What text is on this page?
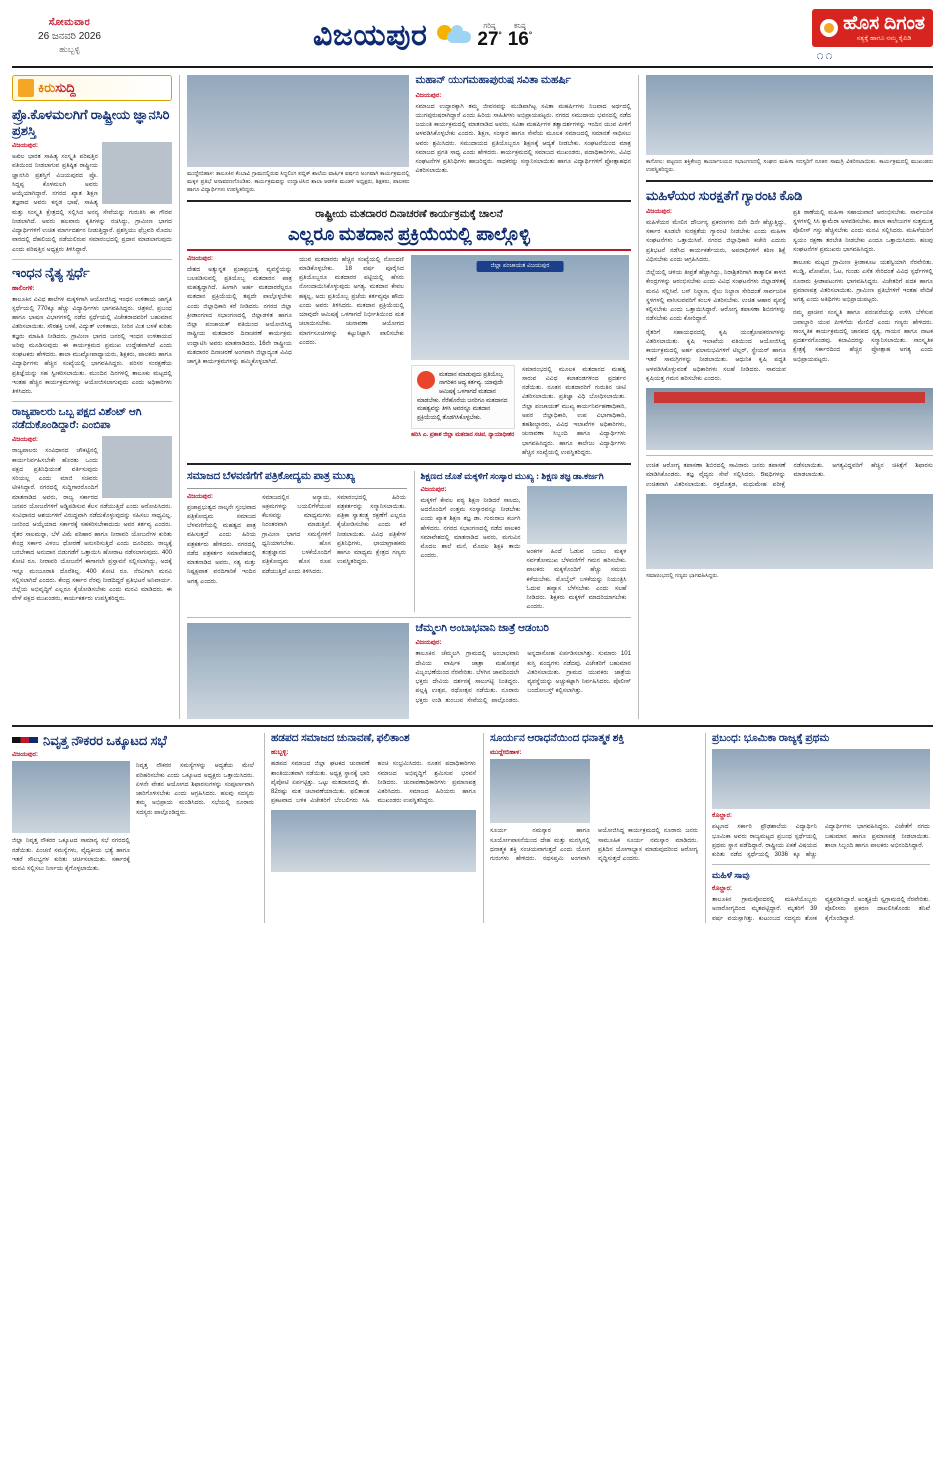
ಸೋಮವಾರ
26 ಜನವರಿ 2026
ಹುಬ್ಬಳ್ಳಿ	ವಿಜಯಪುರ	ಗರಿಷ್ಠ
27°
ಕನಿಷ್ಠ
16°
ಹೊಸ ದಿಗಂತ
ಸತ್ಯಕ್ಕೆ ಹಾಗೂ ನಮ್ಮ ಕೈಪಿಡಿ
೧೧
ಕಿರುಸುದ್ದಿ
ಪ್ರೊ.ಕೊಳಮಲಗಿಗೆ ರಾಷ್ಟ್ರೀಯ ಜ್ಞಾನಸಿರಿ ಪ್ರಶಸ್ತಿ
ವಿಜಯಪುರ:
ಅಖಿಲ ಭಾರತ ಸಾಹಿತ್ಯ ಸಂಸ್ಕೃತಿ ಪರಿಷತ್ತಿನ ವತಿಯಿಂದ ನೀಡಲಾಗುವ ಪ್ರತಿಷ್ಠಿತ ರಾಷ್ಟ್ರೀಯ ಜ್ಞಾನಸಿರಿ ಪ್ರಶಸ್ತಿಗೆ ವಿಜಯಪುರದ ಪ್ರೊ. ಸಿದ್ದಪ್ಪ ಕೊಳಮಲಗಿ ಅವರು ಆಯ್ಕೆಯಾಗಿದ್ದಾರೆ. ನಗರದ ಖ್ಯಾತ ಶಿಕ್ಷಣ ತಜ್ಞರಾದ ಅವರು ಕನ್ನಡ ಭಾಷೆ, ಸಾಹಿತ್ಯ ಮತ್ತು ಸಂಸ್ಕೃತಿ ಕ್ಷೇತ್ರದಲ್ಲಿ ಸಲ್ಲಿಸಿದ ಅನನ್ಯ ಸೇವೆಯನ್ನು ಗುರುತಿಸಿ ಈ ಗೌರವ ನೀಡಲಾಗಿದೆ. ಅವರು ಹಲವಾರು ಕೃತಿಗಳನ್ನು ರಚಿಸಿದ್ದು, ಗ್ರಾಮೀಣ ಭಾಗದ ವಿದ್ಯಾರ್ಥಿಗಳಿಗೆ ಉಚಿತ ಮಾರ್ಗದರ್ಶನ ನೀಡುತ್ತಿದ್ದಾರೆ. ಪ್ರಶಸ್ತಿಯು ಫೆಬ್ರವರಿ ಮೊದಲ ವಾರದಲ್ಲಿ ದೆಹಲಿಯಲ್ಲಿ ನಡೆಯಲಿರುವ ಸಮಾರಂಭದಲ್ಲಿ ಪ್ರದಾನ ಮಾಡಲಾಗುವುದು ಎಂದು ಪರಿಷತ್ತಿನ ಅಧ್ಯಕ್ಷರು ತಿಳಿಸಿದ್ದಾರೆ.
ಇಂಧನ ನೈತ್ಯ ಸ್ಪರ್ಧೆ
ಹಾಲಿಂಗಳಿ:
ತಾಲೂಕಿನ ವಿವಿಧ ಶಾಲೆಗಳ ಮಕ್ಕಳಿಗಾಗಿ ಆಯೋಜಿಸಿದ್ದ ಇಂಧನ ಉಳಿತಾಯ ಜಾಗೃತಿ ಸ್ಪರ್ಧೆಯಲ್ಲಿ 770ಕ್ಕೂ ಹೆಚ್ಚು ವಿದ್ಯಾರ್ಥಿಗಳು ಭಾಗವಹಿಸಿದ್ದರು. ಚಿತ್ರಕಲೆ, ಪ್ರಬಂಧ ಹಾಗೂ ಭಾಷಣ ವಿಭಾಗಗಳಲ್ಲಿ ನಡೆದ ಸ್ಪರ್ಧೆಯಲ್ಲಿ ವಿಜೇತರಾದವರಿಗೆ ಬಹುಮಾನ ವಿತರಿಸಲಾಯಿತು. ಸೌರಶಕ್ತಿ ಬಳಕೆ, ವಿದ್ಯುತ್ ಉಳಿತಾಯ, ನೀರಿನ ಮಿತ ಬಳಕೆ ಕುರಿತು ತಜ್ಞರು ಮಾಹಿತಿ ನೀಡಿದರು. ಗ್ರಾಮೀಣ ಭಾಗದ ಜನರಲ್ಲಿ ಇಂಧನ ಉಳಿತಾಯದ ಅರಿವು ಮೂಡಿಸುವುದು ಈ ಕಾರ್ಯಕ್ರಮದ ಪ್ರಮುಖ ಉದ್ದೇಶವಾಗಿದೆ ಎಂದು ಸಂಘಟಕರು ಹೇಳಿದರು. ಶಾಲಾ ಮುಖ್ಯೋಪಾಧ್ಯಾಯರು, ಶಿಕ್ಷಕರು, ಪಾಲಕರು ಹಾಗೂ ವಿದ್ಯಾರ್ಥಿಗಳು ಹೆಚ್ಚಿನ ಸಂಖ್ಯೆಯಲ್ಲಿ ಭಾಗವಹಿಸಿದ್ದರು. ಪರಿಸರ ಸಂರಕ್ಷಣೆಯ ಪ್ರತಿಜ್ಞೆಯನ್ನು ಸಹ ಸ್ವೀಕರಿಸಲಾಯಿತು. ಮುಂದಿನ ದಿನಗಳಲ್ಲಿ ತಾಲೂಕು ಮಟ್ಟದಲ್ಲಿ ಇಂತಹ ಹೆಚ್ಚಿನ ಕಾರ್ಯಕ್ರಮಗಳನ್ನು ಆಯೋಜಿಸಲಾಗುವುದು ಎಂದು ಅಧಿಕಾರಿಗಳು ತಿಳಿಸಿದರು.
ರಾಜ್ಯಪಾಲರು ಒಬ್ಬ ಪಕ್ಷದ ವಿಶೆಂಟ್ ಆಗಿ ನಡೆದುಕೊಂಡಿದ್ದಾರೆ: ಎಂಬಿಪಾ
ವಿಜಯಪುರ:
ರಾಜ್ಯಪಾಲರು ಸಂವಿಧಾನದ ಚೌಕಟ್ಟಿನಲ್ಲಿ ಕಾರ್ಯನಿರ್ವಹಿಸಬೇಕೇ ಹೊರತು ಒಂದು ಪಕ್ಷದ ಪ್ರತಿನಿಧಿಯಂತೆ ವರ್ತಿಸುವುದು ಸರಿಯಲ್ಲ ಎಂದು ಮಾಜಿ ಸಚಿವರು ಟೀಕಿಸಿದ್ದಾರೆ. ನಗರದಲ್ಲಿ ಸುದ್ದಿಗಾರರೊಂದಿಗೆ ಮಾತನಾಡಿದ ಅವರು, ರಾಜ್ಯ ಸರ್ಕಾರದ ಜನಪರ ಯೋಜನೆಗಳಿಗೆ ಅಡ್ಡಿಪಡಿಸುವ ಕೆಲಸ ನಡೆಯುತ್ತಿದೆ ಎಂದು ಆರೋಪಿಸಿದರು. ಸಂವಿಧಾನದ ಆಶಯಗಳಿಗೆ ವಿರುದ್ಧವಾಗಿ ನಡೆದುಕೊಳ್ಳುವುದನ್ನು ಸಹಿಸಲು ಸಾಧ್ಯವಿಲ್ಲ. ಜನರಿಂದ ಆಯ್ಕೆಯಾದ ಸರ್ಕಾರಕ್ಕೆ ಸಹಕರಿಸಬೇಕಾದುದು ಅವರ ಕರ್ತವ್ಯ ಎಂದರು. ರೈತರ ಸಾಲಮನ್ನಾ, ಬೆಳೆ ವಿಮೆ ಪರಿಹಾರ ಹಾಗೂ ನೀರಾವರಿ ಯೋಜನೆಗಳ ಕುರಿತು ಕೇಂದ್ರ ಸರ್ಕಾರ ವಿಳಂಬ ಧೋರಣೆ ಅನುಸರಿಸುತ್ತಿದೆ ಎಂದು ದೂರಿದರು. ರಾಜ್ಯಕ್ಕೆ ಬರಬೇಕಾದ ಅನುದಾನ ಬಿಡುಗಡೆಗೆ ಒತ್ತಾಯಿಸಿ ಹೋರಾಟ ನಡೆಸಲಾಗುವುದು. 400 ಕೋಟಿ ರೂ. ನೀರಾವರಿ ಯೋಜನೆಗೆ ಈಗಾಗಲೇ ಪ್ರಸ್ತಾವನೆ ಸಲ್ಲಿಸಲಾಗಿದ್ದು, ಅದಕ್ಕೆ ಇನ್ನೂ ಮಂಜೂರಾತಿ ದೊರೆತಿಲ್ಲ. 400 ಕೋಟಿ ರೂ. ನೆರವಿಗಾಗಿ ಮನವಿ ಸಲ್ಲಿಸಲಾಗಿದೆ ಎಂದರು. ಕೇಂದ್ರ ಸರ್ಕಾರ ನೆರವು ನೀಡದಿದ್ದರೆ ಪ್ರತಿಭಟನೆ ಅನಿವಾರ್ಯ. ಜಿಲ್ಲೆಯ ಅಭಿವೃದ್ಧಿಗೆ ಎಲ್ಲರೂ ಕೈಜೋಡಿಸಬೇಕು ಎಂದು ಮನವಿ ಮಾಡಿದರು. ಈ ವೇಳೆ ಪಕ್ಷದ ಮುಖಂಡರು, ಕಾರ್ಯಕರ್ತರು ಉಪಸ್ಥಿತರಿದ್ದರು.
ಮುದ್ದೇಬಿಹಾಳ: ತಾಲೂಕಿನ ಕೆಂಬಾವಿ ಗ್ರಾಮದಲ್ಲಿರುವ ಸಿದ್ಧಲಿಂಗ ಪಬ್ಲಿಕ್ ಶಾಲೆಯ ವಾರ್ಷಿಕ ವರ್ಷದ ಅಂಗವಾಗಿ ಕಾರ್ಯಕ್ರಮದಲ್ಲಿ ಮಕ್ಕಳ ಪ್ರತಿಭೆ ಅನಾವರಣಗೊಂಡಿತು. ಕಾರ್ಯಕ್ರಮವನ್ನು ಉದ್ಘಾಟಿಸಿದ ಶಾಲಾ ಆಡಳಿತ ಮಂಡಳಿ ಅಧ್ಯಕ್ಷರು, ಶಿಕ್ಷಕರು, ಪಾಲಕರು ಹಾಗೂ ವಿದ್ಯಾರ್ಥಿಗಳು ಉಪಸ್ಥಿತರಿದ್ದರು.
ಮಹಾನ್ ಯುಗಮಹಾಪುರುಷ ಸವಿತಾ ಮಹರ್ಷಿ
ವಿಜಯಪುರ:
ಸಮಾಜದ ಉದ್ಧಾರಕ್ಕಾಗಿ ತಮ್ಮ ಜೀವನವನ್ನು ಮುಡಿಪಾಗಿಟ್ಟ ಸವಿತಾ ಮಹರ್ಷಿಗಳು ನಿಜವಾದ ಅರ್ಥದಲ್ಲಿ ಯುಗಪುರುಷರಾಗಿದ್ದಾರೆ ಎಂದು ಹಿರಿಯ ಸಾಹಿತಿಗಳು ಅಭಿಪ್ರಾಯಪಟ್ಟರು. ನಗರದ ಸಮುದಾಯ ಭವನದಲ್ಲಿ ನಡೆದ ಜಯಂತಿ ಕಾರ್ಯಕ್ರಮದಲ್ಲಿ ಮಾತನಾಡಿದ ಅವರು, ಸವಿತಾ ಮಹರ್ಷಿಗಳ ತತ್ವಾದರ್ಶಗಳನ್ನು ಇಂದಿನ ಯುವ ಪೀಳಿಗೆ ಅಳವಡಿಸಿಕೊಳ್ಳಬೇಕು ಎಂದರು. ಶಿಕ್ಷಣ, ಸಂಸ್ಕಾರ ಹಾಗೂ ಸೇವೆಯ ಮೂಲಕ ಸಮಾಜದಲ್ಲಿ ಸಮಾನತೆ ಸಾಧಿಸಲು ಅವರು ಶ್ರಮಿಸಿದರು. ಸಮುದಾಯದ ಪ್ರತಿಯೊಬ್ಬರೂ ಶಿಕ್ಷಣಕ್ಕೆ ಆದ್ಯತೆ ನೀಡಬೇಕು. ಸಂಘಟನೆಯಿಂದ ಮಾತ್ರ ಸಮಾಜದ ಪ್ರಗತಿ ಸಾಧ್ಯ ಎಂದು ಹೇಳಿದರು. ಕಾರ್ಯಕ್ರಮದಲ್ಲಿ ಸಮಾಜದ ಮುಖಂಡರು, ಪದಾಧಿಕಾರಿಗಳು, ವಿವಿಧ ಸಂಘಟನೆಗಳ ಪ್ರತಿನಿಧಿಗಳು ಹಾಜರಿದ್ದರು. ಸಾಧಕರನ್ನು ಸನ್ಮಾನಿಸಲಾಯಿತು ಹಾಗೂ ವಿದ್ಯಾರ್ಥಿಗಳಿಗೆ ಪ್ರೋತ್ಸಾಹಧನ ವಿತರಿಸಲಾಯಿತು.
ರಾಷ್ಟ್ರೀಯ ಮತದಾರರ ದಿನಾಚರಣೆ ಕಾರ್ಯಕ್ರಮಕ್ಕೆ ಚಾಲನೆ
ಎಲ್ಲರೂ ಮತದಾನ ಪ್ರಕ್ರಿಯೆಯಲ್ಲಿ ಪಾಲ್ಗೊಳ್ಳಿ
ವಿಜಯಪುರ:
ದೇಶದ ಅತ್ಯುನ್ನತ ಪ್ರಜಾಪ್ರಭುತ್ವ ವ್ಯವಸ್ಥೆಯನ್ನು ಬಲಪಡಿಸುವಲ್ಲಿ ಪ್ರತಿಯೊಬ್ಬ ಮತದಾರನ ಪಾತ್ರ ಮಹತ್ವದ್ದಾಗಿದೆ. ಹೀಗಾಗಿ ಅರ್ಹ ಮತದಾರರೆಲ್ಲರೂ ಮತದಾನ ಪ್ರಕ್ರಿಯೆಯಲ್ಲಿ ತಪ್ಪದೇ ಪಾಲ್ಗೊಳ್ಳಬೇಕು ಎಂದು ಜಿಲ್ಲಾಧಿಕಾರಿ ಕರೆ ನೀಡಿದರು. ನಗರದ ಜಿಲ್ಲಾ ಕ್ರೀಡಾಂಗಣದ ಸಭಾಂಗಣದಲ್ಲಿ ಜಿಲ್ಲಾಡಳಿತ ಹಾಗೂ ಜಿಲ್ಲಾ ಪಂಚಾಯತ್ ವತಿಯಿಂದ ಆಯೋಜಿಸಿದ್ದ ರಾಷ್ಟ್ರೀಯ ಮತದಾರರ ದಿನಾಚರಣೆ ಕಾರ್ಯಕ್ರಮ ಉದ್ಘಾಟಿಸಿ ಅವರು ಮಾತನಾಡಿದರು. 16ನೇ ರಾಷ್ಟ್ರೀಯ ಮತದಾರರ ದಿನಾಚರಣೆ ಅಂಗವಾಗಿ ಜಿಲ್ಲಾದ್ಯಂತ ವಿವಿಧ ಜಾಗೃತಿ ಕಾರ್ಯಕ್ರಮಗಳನ್ನು ಹಮ್ಮಿಕೊಳ್ಳಲಾಗಿದೆ.
ಯುವ ಮತದಾರರು ಹೆಚ್ಚಿನ ಸಂಖ್ಯೆಯಲ್ಲಿ ನೋಂದಣಿ ಮಾಡಿಕೊಳ್ಳಬೇಕು. 18 ವರ್ಷ ಪೂರೈಸಿದ ಪ್ರತಿಯೊಬ್ಬರೂ ಮತದಾರರ ಪಟ್ಟಿಯಲ್ಲಿ ಹೆಸರು ನೋಂದಾಯಿಸಿಕೊಳ್ಳುವುದು ಅಗತ್ಯ. ಮತದಾನ ಕೇವಲ ಹಕ್ಕಲ್ಲ, ಅದು ಪ್ರತಿಯೊಬ್ಬ ಪ್ರಜೆಯ ಕರ್ತವ್ಯವೂ ಹೌದು ಎಂದು ಅವರು ತಿಳಿಸಿದರು. ಮತದಾನ ಪ್ರಕ್ರಿಯೆಯಲ್ಲಿ ಯಾವುದೇ ಆಮಿಷಕ್ಕೆ ಒಳಗಾಗದೆ ನಿರ್ಭೀತಿಯಿಂದ ಮತ ಚಲಾಯಿಸಬೇಕು. ಚುನಾವಣಾ ಆಯೋಗದ ಮಾರ್ಗಸೂಚಿಗಳನ್ನು ಕಟ್ಟುನಿಟ್ಟಾಗಿ ಪಾಲಿಸಬೇಕು ಎಂದರು.
ಜಿಲ್ಲಾ ಪಂಚಾಯತ ವಿಜಯಪುರ
ಮತದಾನ ಮಾಡುವುದು ಪ್ರತಿಯೊಬ್ಬ ನಾಗರಿಕನ ಆದ್ಯ ಕರ್ತವ್ಯ. ಯಾವುದೇ ಆಮಿಷಕ್ಕೆ ಒಳಗಾಗದೆ ಮತದಾನ ಮಾಡಬೇಕು. ನೆರೆಹೊರೆಯ ಜನರಿಗೂ ಮತದಾನದ ಮಹತ್ವವನ್ನು ತಿಳಿಸಿ ಅವರನ್ನೂ ಮತದಾನ ಪ್ರಕ್ರಿಯೆಯಲ್ಲಿ ತೊಡಗಿಸಿಕೊಳ್ಳಬೇಕು.
ಹರಿಸಿ ಎ. ಪ್ರಕಾಶ ಜಿಲ್ಲಾ ಮತದಾನ ಸಚಿವ, ನ್ಯಾಯಾಧೀಶರ
ಸಮಾರಂಭದಲ್ಲಿ ಮೂಲಕ ಮತದಾನದ ಮಹತ್ವ ಸಾರುವ ವಿವಿಧ ಕಲಾತಂಡಗಳಿಂದ ಪ್ರದರ್ಶನ ನಡೆಯಿತು. ನೂತನ ಮತದಾರರಿಗೆ ಗುರುತಿನ ಚೀಟಿ ವಿತರಿಸಲಾಯಿತು. ಪ್ರತಿಜ್ಞಾ ವಿಧಿ ಬೋಧಿಸಲಾಯಿತು. ಜಿಲ್ಲಾ ಪಂಚಾಯತ್ ಮುಖ್ಯ ಕಾರ್ಯನಿರ್ವಹಣಾಧಿಕಾರಿ, ಅಪರ ಜಿಲ್ಲಾಧಿಕಾರಿ, ಉಪ ವಿಭಾಗಾಧಿಕಾರಿ, ತಹಶೀಲ್ದಾರರು, ವಿವಿಧ ಇಲಾಖೆಗಳ ಅಧಿಕಾರಿಗಳು, ಚುನಾವಣಾ ಸಿಬ್ಬಂದಿ ಹಾಗೂ ವಿದ್ಯಾರ್ಥಿಗಳು ಭಾಗವಹಿಸಿದ್ದರು. ಹಾಗೂ ಕಾಲೇಜು ವಿದ್ಯಾರ್ಥಿಗಳು ಹೆಚ್ಚಿನ ಸಂಖ್ಯೆಯಲ್ಲಿ ಉಪಸ್ಥಿತರಿದ್ದರು.
ಸಮಾಜದ ಬೆಳವಣಿಗೆಗೆ ಪತ್ರಿಕೋದ್ಯಮ ಪಾತ್ರ ಮುಖ್ಯ
ವಿಜಯಪುರ:
ಪ್ರಜಾಪ್ರಭುತ್ವದ ನಾಲ್ಕನೇ ಸ್ತಂಭವಾದ ಪತ್ರಿಕೋದ್ಯಮ ಸಮಾಜದ ಬೆಳವಣಿಗೆಯಲ್ಲಿ ಮಹತ್ವದ ಪಾತ್ರ ವಹಿಸುತ್ತದೆ ಎಂದು ಹಿರಿಯ ಪತ್ರಕರ್ತರು ಹೇಳಿದರು. ನಗರದಲ್ಲಿ ನಡೆದ ಪತ್ರಕರ್ತರ ಸಮಾವೇಶದಲ್ಲಿ ಮಾತನಾಡಿದ ಅವರು, ಸತ್ಯ ಮತ್ತು ನಿಷ್ಪಕ್ಷಪಾತ ವರದಿಗಾರಿಕೆ ಇಂದಿನ ಅಗತ್ಯ ಎಂದರು.
ಸಮಾಜದಲ್ಲಿನ ಅನ್ಯಾಯ, ಅಕ್ರಮಗಳನ್ನು ಬಯಲಿಗೆಳೆಯುವ ಕೆಲಸವನ್ನು ಮಾಧ್ಯಮಗಳು ನಿರಂತರವಾಗಿ ಮಾಡುತ್ತಿವೆ. ಗ್ರಾಮೀಣ ಭಾಗದ ಸಮಸ್ಯೆಗಳಿಗೆ ಧ್ವನಿಯಾಗಬೇಕು. ಹೊಸ ತಂತ್ರಜ್ಞಾನದ ಬಳಕೆಯೊಂದಿಗೆ ಪತ್ರಿಕೋದ್ಯಮ ಹೊಸ ರೂಪ ಪಡೆಯುತ್ತಿದೆ ಎಂದು ತಿಳಿಸಿದರು.
ಸಮಾರಂಭದಲ್ಲಿ ಹಿರಿಯ ಪತ್ರಕರ್ತರನ್ನು ಸನ್ಮಾನಿಸಲಾಯಿತು. ಪತ್ರಿಕಾ ಸ್ವಾತಂತ್ರ್ಯ ರಕ್ಷಣೆಗೆ ಎಲ್ಲರೂ ಕೈಜೋಡಿಸಬೇಕು ಎಂದು ಕರೆ ನೀಡಲಾಯಿತು. ವಿವಿಧ ಪತ್ರಿಕೆಗಳ ಪ್ರತಿನಿಧಿಗಳು, ಛಾಯಾಗ್ರಾಹಕರು ಹಾಗೂ ಮಾಧ್ಯಮ ಕ್ಷೇತ್ರದ ಗಣ್ಯರು ಉಪಸ್ಥಿತರಿದ್ದರು.
ಶಿಕ್ಷಣದ ಜೊತೆ ಮಕ್ಕಳಿಗೆ ಸಂಸ್ಕಾರ ಮುಖ್ಯ : ಶಿಕ್ಷಣ ತಜ್ಞ ಡಾ.ಕರ್ಜಗಿ
ವಿಜಯಪುರ:
ಮಕ್ಕಳಿಗೆ ಕೇವಲ ಪಠ್ಯ ಶಿಕ್ಷಣ ನೀಡಿದರೆ ಸಾಲದು, ಅದರೊಂದಿಗೆ ಉತ್ತಮ ಸಂಸ್ಕಾರವನ್ನೂ ನೀಡಬೇಕು ಎಂದು ಖ್ಯಾತ ಶಿಕ್ಷಣ ತಜ್ಞ ಡಾ. ಗುರುರಾಜ ಕರ್ಜಗಿ ಹೇಳಿದರು. ನಗರದ ಸಭಾಂಗಣದಲ್ಲಿ ನಡೆದ ಪಾಲಕರ ಸಮಾವೇಶದಲ್ಲಿ ಮಾತನಾಡಿದ ಅವರು, ಮಗುವಿನ ಮೊದಲ ಶಾಲೆ ಮನೆ, ಮೊದಲ ಶಿಕ್ಷಕಿ ತಾಯಿ ಎಂದರು.
ಅಂಕಗಳ ಹಿಂದೆ ಓಡುವ ಬದಲು ಮಕ್ಕಳ ಸರ್ವತೋಮುಖ ಬೆಳವಣಿಗೆಗೆ ಗಮನ ಹರಿಸಬೇಕು. ಪಾಲಕರು ಮಕ್ಕಳೊಂದಿಗೆ ಹೆಚ್ಚು ಸಮಯ ಕಳೆಯಬೇಕು. ಮೊಬೈಲ್ ಬಳಕೆಯನ್ನು ನಿಯಂತ್ರಿಸಿ ಓದುವ ಹವ್ಯಾಸ ಬೆಳೆಸಬೇಕು ಎಂದು ಸಲಹೆ ನೀಡಿದರು. ಶಿಕ್ಷಕರು ಮಕ್ಕಳಿಗೆ ಮಾದರಿಯಾಗಬೇಕು ಎಂದರು.
ಚೆಮ್ಮಲಗಿ ಅಂಬಾಭವಾನಿ ಜಾತ್ರೆ ಆಡಂಬರಿ
ವಿಜಯಪುರ:
ತಾಲೂಕಿನ ಚೆಮ್ಮಲಗಿ ಗ್ರಾಮದಲ್ಲಿ ಅಂಬಾಭವಾನಿ ದೇವಿಯ ವಾರ್ಷಿಕ ಜಾತ್ರಾ ಮಹೋತ್ಸವ ವಿಜೃಂಭಣೆಯಿಂದ ನೆರವೇರಿತು. ಬೆಳಗಿನ ಜಾವದಿಂದಲೇ ಭಕ್ತರು ದೇವಿಯ ದರ್ಶನಕ್ಕೆ ಸಾಲುಗಟ್ಟಿ ನಿಂತಿದ್ದರು. ಪಲ್ಲಕ್ಕಿ ಉತ್ಸವ, ರಥೋತ್ಸವ ನಡೆಯಿತು. ನೂರಾರು ಭಕ್ತರು ಉಡಿ ತುಂಬುವ ಸೇವೆಯಲ್ಲಿ ಪಾಲ್ಗೊಂಡರು. ಅನ್ನದಾಸೋಹ ಏರ್ಪಡಿಸಲಾಗಿತ್ತು. ಸುಮಾರು 101 ಕುಸ್ತಿ ಪಂದ್ಯಗಳು ನಡೆದವು. ವಿಜೇತರಿಗೆ ಬಹುಮಾನ ವಿತರಿಸಲಾಯಿತು. ಗ್ರಾಮದ ಯುವಕರು ಜಾತ್ರೆಯ ವ್ಯವಸ್ಥೆಯನ್ನು ಅಚ್ಚುಕಟ್ಟಾಗಿ ನಿರ್ವಹಿಸಿದರು. ಪೊಲೀಸ್ ಬಂದೋಬಸ್ತ್ ಕಲ್ಪಿಸಲಾಗಿತ್ತು.
ಕಾಗೋಲ: ಪಟ್ಟಣದ ಶಕ್ತಿಕೇಂದ್ರ ಕಾರ್ಯಾಲಯದ ಸಭಾಂಗಣದಲ್ಲಿ ಸಂಘದ ಮಹಿಳಾ ಸದಸ್ಯರಿಗೆ ನೂತನ ಸಾಮಗ್ರಿ ವಿತರಿಸಲಾಯಿತು. ಕಾರ್ಯಕ್ರಮದಲ್ಲಿ ಮುಖಂಡರು ಉಪಸ್ಥಿತರಿದ್ದರು.
ಮಹಿಳೆಯರ ಸುರಕ್ಷತೆಗೆ ಗ್ಯಾರಂಟಿ ಕೊಡಿ
ವಿಜಯಪುರ:
ಮಹಿಳೆಯರ ಮೇಲಿನ ದೌರ್ಜನ್ಯ ಪ್ರಕರಣಗಳು ದಿನೇ ದಿನೇ ಹೆಚ್ಚುತ್ತಿದ್ದು, ಸರ್ಕಾರ ಕೂಡಲೇ ಸುರಕ್ಷತೆಯ ಗ್ಯಾರಂಟಿ ನೀಡಬೇಕು ಎಂದು ಮಹಿಳಾ ಸಂಘಟನೆಗಳು ಒತ್ತಾಯಿಸಿವೆ. ನಗರದ ಜಿಲ್ಲಾಧಿಕಾರಿ ಕಚೇರಿ ಎದುರು ಪ್ರತಿಭಟನೆ ನಡೆಸಿದ ಕಾರ್ಯಕರ್ತೆಯರು, ಅಪರಾಧಿಗಳಿಗೆ ಕಠಿಣ ಶಿಕ್ಷೆ ವಿಧಿಸಬೇಕು ಎಂದು ಆಗ್ರಹಿಸಿದರು.
ಜಿಲ್ಲೆಯಲ್ಲಿ ಚಳಿಯ ತೀವ್ರತೆ ಹೆಚ್ಚಾಗಿದ್ದು, ನಿರಾಶ್ರಿತರಿಗಾಗಿ ತಾತ್ಕಾಲಿಕ ಕಾಳಜಿ ಕೇಂದ್ರಗಳನ್ನು ಆರಂಭಿಸಬೇಕು ಎಂದು ವಿವಿಧ ಸಂಘಟನೆಗಳು ಜಿಲ್ಲಾಡಳಿತಕ್ಕೆ ಮನವಿ ಸಲ್ಲಿಸಿವೆ. ಬಸ್ ನಿಲ್ದಾಣ, ರೈಲು ನಿಲ್ದಾಣ ಸೇರಿದಂತೆ ಸಾರ್ವಜನಿಕ ಸ್ಥಳಗಳಲ್ಲಿ ವಾಸಿಸುವವರಿಗೆ ಕಂಬಳಿ ವಿತರಿಸಬೇಕು. ಉಚಿತ ಆಹಾರ ವ್ಯವಸ್ಥೆ ಕಲ್ಪಿಸಬೇಕು ಎಂದು ಒತ್ತಾಯಿಸಿದ್ದಾರೆ. ಆರೋಗ್ಯ ತಪಾಸಣಾ ಶಿಬಿರಗಳನ್ನು ನಡೆಸಬೇಕು ಎಂದು ಕೋರಿದ್ದಾರೆ.
ರೈತರಿಗೆ ಸಹಾಯಧನದಲ್ಲಿ ಕೃಷಿ ಯಂತ್ರೋಪಕರಣಗಳನ್ನು ವಿತರಿಸಲಾಯಿತು. ಕೃಷಿ ಇಲಾಖೆಯ ವತಿಯಿಂದ ಆಯೋಜಿಸಿದ್ದ ಕಾರ್ಯಕ್ರಮದಲ್ಲಿ ಅರ್ಹ ಫಲಾನುಭವಿಗಳಿಗೆ ಟಿಲ್ಲರ್, ಸ್ಪ್ರೇಯರ್ ಹಾಗೂ ಇತರೆ ಸಾಮಗ್ರಿಗಳನ್ನು ನೀಡಲಾಯಿತು. ಆಧುನಿಕ ಕೃಷಿ ಪದ್ಧತಿ ಅಳವಡಿಸಿಕೊಳ್ಳುವಂತೆ ಅಧಿಕಾರಿಗಳು ಸಲಹೆ ನೀಡಿದರು. ಸಾವಯವ ಕೃಷಿಯತ್ತ ಗಮನ ಹರಿಸಬೇಕು ಎಂದರು.
ಪ್ರತಿ ಠಾಣೆಯಲ್ಲಿ ಮಹಿಳಾ ಸಹಾಯವಾಣಿ ಆರಂಭಿಸಬೇಕು. ಸಾರ್ವಜನಿಕ ಸ್ಥಳಗಳಲ್ಲಿ ಸಿಸಿ ಕ್ಯಾಮೆರಾ ಅಳವಡಿಸಬೇಕು. ಶಾಲಾ ಕಾಲೇಜುಗಳ ಸುತ್ತಮುತ್ತ ಪೊಲೀಸ್ ಗಸ್ತು ಹೆಚ್ಚಿಸಬೇಕು ಎಂದು ಮನವಿ ಸಲ್ಲಿಸಿದರು. ಮಹಿಳೆಯರಿಗೆ ಸ್ವಯಂ ರಕ್ಷಣಾ ತರಬೇತಿ ನೀಡಬೇಕು ಎಂದೂ ಒತ್ತಾಯಿಸಿದರು. ಹಲವು ಸಂಘಟನೆಗಳ ಪ್ರಮುಖರು ಭಾಗವಹಿಸಿದ್ದರು.
ತಾಲೂಕು ಮಟ್ಟದ ಗ್ರಾಮೀಣ ಕ್ರೀಡಾಕೂಟ ಯಶಸ್ವಿಯಾಗಿ ನೆರವೇರಿತು. ಕಬಡ್ಡಿ, ಖೋಖೋ, ಓಟ, ಗುಂಡು ಎಸೆತ ಸೇರಿದಂತೆ ವಿವಿಧ ಸ್ಪರ್ಧೆಗಳಲ್ಲಿ ನೂರಾರು ಕ್ರೀಡಾಪಟುಗಳು ಭಾಗವಹಿಸಿದ್ದರು. ವಿಜೇತರಿಗೆ ಪದಕ ಹಾಗೂ ಪ್ರಮಾಣಪತ್ರ ವಿತರಿಸಲಾಯಿತು. ಗ್ರಾಮೀಣ ಪ್ರತಿಭೆಗಳಿಗೆ ಇಂತಹ ವೇದಿಕೆ ಅಗತ್ಯ ಎಂದು ಅತಿಥಿಗಳು ಅಭಿಪ್ರಾಯಪಟ್ಟರು.
ನಮ್ಮ ಪ್ರಾಚೀನ ಸಂಸ್ಕೃತಿ ಹಾಗೂ ಪರಂಪರೆಯನ್ನು ಉಳಿಸಿ ಬೆಳೆಸುವ ಜವಾಬ್ದಾರಿ ಯುವ ಪೀಳಿಗೆಯ ಮೇಲಿದೆ ಎಂದು ಗಣ್ಯರು ಹೇಳಿದರು. ಸಾಂಸ್ಕೃತಿಕ ಕಾರ್ಯಕ್ರಮದಲ್ಲಿ ಜಾನಪದ ನೃತ್ಯ, ಗಾಯನ ಹಾಗೂ ನಾಟಕ ಪ್ರದರ್ಶನಗೊಂಡವು. ಕಲಾವಿದರನ್ನು ಸನ್ಮಾನಿಸಲಾಯಿತು. ಸಾಂಸ್ಕೃತಿಕ ಕ್ಷೇತ್ರಕ್ಕೆ ಸರ್ಕಾರದಿಂದ ಹೆಚ್ಚಿನ ಪ್ರೋತ್ಸಾಹ ಅಗತ್ಯ ಎಂದು ಅಭಿಪ್ರಾಯಪಟ್ಟರು.
ಉಚಿತ ಆರೋಗ್ಯ ತಪಾಸಣಾ ಶಿಬಿರದಲ್ಲಿ ಸಾವಿರಾರು ಜನರು ತಪಾಸಣೆ ಮಾಡಿಸಿಕೊಂಡರು. ತಜ್ಞ ವೈದ್ಯರು ಸೇವೆ ಸಲ್ಲಿಸಿದರು. ಔಷಧಿಗಳನ್ನು ಉಚಿತವಾಗಿ ವಿತರಿಸಲಾಯಿತು. ರಕ್ತದೊತ್ತಡ, ಮಧುಮೇಹ ಪರೀಕ್ಷೆ ನಡೆಸಲಾಯಿತು. ಅಗತ್ಯವಿದ್ದವರಿಗೆ ಹೆಚ್ಚಿನ ಚಿಕಿತ್ಸೆಗೆ ಶಿಫಾರಸು ಮಾಡಲಾಯಿತು.
ಸಮಾರಂಭದಲ್ಲಿ ಗಣ್ಯರು ಭಾಗವಹಿಸಿದ್ದರು.
ನಿವೃತ್ತ ನೌಕರರ ಒಕ್ಕೂಟದ ಸಭೆ
ವಿಜಯಪುರ:
ಜಿಲ್ಲಾ ನಿವೃತ್ತ ನೌಕರರ ಒಕ್ಕೂಟದ ಸಾಮಾನ್ಯ ಸಭೆ ನಗರದಲ್ಲಿ ನಡೆಯಿತು. ಪಿಂಚಣಿ ಸಮಸ್ಯೆಗಳು, ವೈದ್ಯಕೀಯ ಭತ್ಯೆ ಹಾಗೂ ಇತರೆ ಸೌಲಭ್ಯಗಳ ಕುರಿತು ಚರ್ಚಿಸಲಾಯಿತು. ಸರ್ಕಾರಕ್ಕೆ ಮನವಿ ಸಲ್ಲಿಸಲು ನಿರ್ಣಯ ಕೈಗೊಳ್ಳಲಾಯಿತು.
ನಿವೃತ್ತ ನೌಕರರ ಸಮಸ್ಯೆಗಳನ್ನು ಆದ್ಯತೆಯ ಮೇಲೆ ಪರಿಹರಿಸಬೇಕು ಎಂದು ಒಕ್ಕೂಟದ ಅಧ್ಯಕ್ಷರು ಒತ್ತಾಯಿಸಿದರು. ಏಳನೇ ವೇತನ ಆಯೋಗದ ಶಿಫಾರಸುಗಳನ್ನು ಸಂಪೂರ್ಣವಾಗಿ ಜಾರಿಗೊಳಿಸಬೇಕು ಎಂದು ಆಗ್ರಹಿಸಿದರು. ಹಲವು ಸದಸ್ಯರು ತಮ್ಮ ಅಭಿಪ್ರಾಯ ಮಂಡಿಸಿದರು. ಸಭೆಯಲ್ಲಿ ನೂರಾರು ಸದಸ್ಯರು ಪಾಲ್ಗೊಂಡಿದ್ದರು.
ಹಡಪದ ಸಮಾಜದ ಚುನಾವಣೆ, ಫಲಿತಾಂಶ
ಹುಬ್ಬಳ್ಳಿ:
ಹಡಪದ ಸಮಾಜದ ಜಿಲ್ಲಾ ಘಟಕದ ಚುನಾವಣೆ ಶಾಂತಿಯುತವಾಗಿ ನಡೆಯಿತು. ಅಧ್ಯಕ್ಷ ಸ್ಥಾನಕ್ಕೆ ಭಾರಿ ಪೈಪೋಟಿ ಏರ್ಪಟ್ಟಿತ್ತು. ಒಟ್ಟು ಮತದಾನದಲ್ಲಿ ಶೇ. 82ರಷ್ಟು ಮತ ಚಲಾವಣೆಯಾಯಿತು. ಫಲಿತಾಂಶ ಪ್ರಕಟವಾದ ಬಳಿಕ ವಿಜೇತರಿಗೆ ಬೆಂಬಲಿಗರು ಸಿಹಿ ಹಂಚಿ ಸಂಭ್ರಮಿಸಿದರು. ನೂತನ ಪದಾಧಿಕಾರಿಗಳು ಸಮಾಜದ ಅಭಿವೃದ್ಧಿಗೆ ಶ್ರಮಿಸುವ ಭರವಸೆ ನೀಡಿದರು. ಚುನಾವಣಾಧಿಕಾರಿಗಳು ಪ್ರಮಾಣಪತ್ರ ವಿತರಿಸಿದರು. ಸಮಾಜದ ಹಿರಿಯರು ಹಾಗೂ ಮುಖಂಡರು ಉಪಸ್ಥಿತರಿದ್ದರು.
ಸೂರ್ಯನ ಆರಾಧನೆಯಿಂದ ಧನಾತ್ಮಕ ಶಕ್ತಿ
ಮುದ್ದೇಬಿಹಾಳ:
ಸೂರ್ಯ ನಮಸ್ಕಾರ ಹಾಗೂ ಸೂರ್ಯೋಪಾಸನೆಯಿಂದ ದೇಹ ಮತ್ತು ಮನಸ್ಸಿನಲ್ಲಿ ಧನಾತ್ಮಕ ಶಕ್ತಿ ಸಂಚಯವಾಗುತ್ತದೆ ಎಂದು ಯೋಗ ಗುರುಗಳು ಹೇಳಿದರು. ರಥಸಪ್ತಮಿ ಅಂಗವಾಗಿ ಆಯೋಜಿಸಿದ್ದ ಕಾರ್ಯಕ್ರಮದಲ್ಲಿ ನೂರಾರು ಜನರು ಸಾಮೂಹಿಕ ಸೂರ್ಯ ನಮಸ್ಕಾರ ಮಾಡಿದರು. ಪ್ರತಿದಿನ ಯೋಗಾಭ್ಯಾಸ ಮಾಡುವುದರಿಂದ ಆರೋಗ್ಯ ವೃದ್ಧಿಸುತ್ತದೆ ಎಂದರು.
ಪ್ರಬಂಧ: ಭೂಮಿಕಾ ರಾಜ್ಯಕ್ಕೆ ಪ್ರಥಮ
ಕೊಲ್ಹಾರ:
ಪಟ್ಟಣದ ಸರ್ಕಾರಿ ಪ್ರೌಢಶಾಲೆಯ ವಿದ್ಯಾರ್ಥಿನಿ ಭೂಮಿಕಾ ಅವರು ರಾಜ್ಯಮಟ್ಟದ ಪ್ರಬಂಧ ಸ್ಪರ್ಧೆಯಲ್ಲಿ ಪ್ರಥಮ ಸ್ಥಾನ ಪಡೆದಿದ್ದಾರೆ. ರಾಷ್ಟ್ರೀಯ ಏಕತೆ ವಿಷಯದ ಕುರಿತು ನಡೆದ ಸ್ಪರ್ಧೆಯಲ್ಲಿ 3036 ಕ್ಕೂ ಹೆಚ್ಚು ವಿದ್ಯಾರ್ಥಿಗಳು ಭಾಗವಹಿಸಿದ್ದರು. ವಿಜೇತೆಗೆ ನಗದು ಬಹುಮಾನ ಹಾಗೂ ಪ್ರಮಾಣಪತ್ರ ನೀಡಲಾಯಿತು. ಶಾಲಾ ಸಿಬ್ಬಂದಿ ಹಾಗೂ ಪಾಲಕರು ಅಭಿನಂದಿಸಿದ್ದಾರೆ.
ಮಹಿಳೆ ಸಾವು
ಕೊಲ್ಹಾರ:
ತಾಲೂಕಿನ ಗ್ರಾಮವೊಂದರಲ್ಲಿ ಮಹಿಳೆಯೊಬ್ಬರು ಅನಾರೋಗ್ಯದಿಂದ ಮೃತಪಟ್ಟಿದ್ದಾರೆ. ಮೃತರಿಗೆ 39 ವರ್ಷ ವಯಸ್ಸಾಗಿತ್ತು. ಕುಟುಂಬದ ಸದಸ್ಯರು ಶೋಕ ವ್ಯಕ್ತಪಡಿಸಿದ್ದಾರೆ. ಅಂತ್ಯಕ್ರಿಯೆ ಸ್ವಗ್ರಾಮದಲ್ಲಿ ನೆರವೇರಿತು. ಪೊಲೀಸರು ಪ್ರಕರಣ ದಾಖಲಿಸಿಕೊಂಡು ತನಿಖೆ ಕೈಗೊಂಡಿದ್ದಾರೆ.
